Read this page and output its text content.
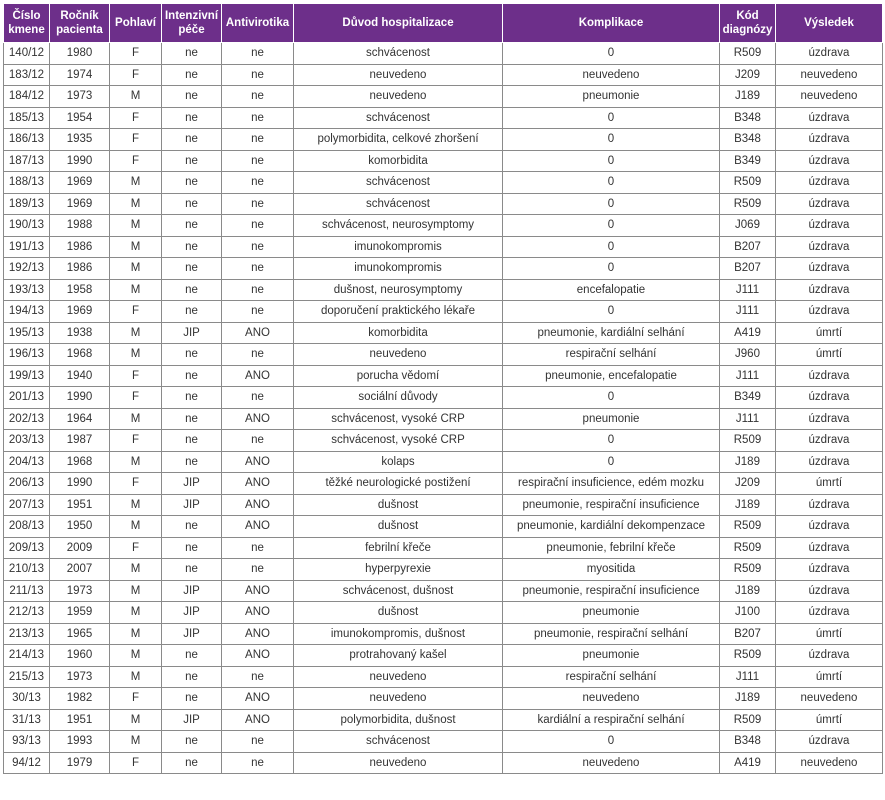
Číslo kmene	Ročník pacienta	Pohlaví	Intenzivní péče	Antivirotika	Důvod hospitalizace	Komplikace	Kód diagnózy	Výsledek
140/12	1980	F	ne	ne	schvácenost	0	R509	úzdrava
183/12	1974	F	ne	ne	neuvedeno	neuvedeno	J209	neuvedeno
184/12	1973	M	ne	ne	neuvedeno	pneumonie	J189	neuvedeno
185/13	1954	F	ne	ne	schvácenost	0	B348	úzdrava
186/13	1935	F	ne	ne	polymorbidita, celkové zhoršení	0	B348	úzdrava
187/13	1990	F	ne	ne	komorbidita	0	B349	úzdrava
188/13	1969	M	ne	ne	schvácenost	0	R509	úzdrava
189/13	1969	M	ne	ne	schvácenost	0	R509	úzdrava
190/13	1988	M	ne	ne	schvácenost, neurosymptomy	0	J069	úzdrava
191/13	1986	M	ne	ne	imunokompromis	0	B207	úzdrava
192/13	1986	M	ne	ne	imunokompromis	0	B207	úzdrava
193/13	1958	M	ne	ne	dušnost, neurosymptomy	encefalopatie	J111	úzdrava
194/13	1969	F	ne	ne	doporučení praktického lékaře	0	J111	úzdrava
195/13	1938	M	JIP	ANO	komorbidita	pneumonie, kardiální selhání	A419	úmrtí
196/13	1968	M	ne	ne	neuvedeno	respirační selhání	J960	úmrtí
199/13	1940	F	ne	ANO	porucha vědomí	pneumonie, encefalopatie	J111	úzdrava
201/13	1990	F	ne	ne	sociální důvody	0	B349	úzdrava
202/13	1964	M	ne	ANO	schvácenost, vysoké CRP	pneumonie	J111	úzdrava
203/13	1987	F	ne	ne	schvácenost, vysoké CRP	0	R509	úzdrava
204/13	1968	M	ne	ANO	kolaps	0	J189	úzdrava
206/13	1990	F	JIP	ANO	těžké neurologické postižení	respirační insuficience, edém mozku	J209	úmrtí
207/13	1951	M	JIP	ANO	dušnost	pneumonie, respirační insuficience	J189	úzdrava
208/13	1950	M	ne	ANO	dušnost	pneumonie, kardiální dekompenzace	R509	úzdrava
209/13	2009	F	ne	ne	febrilní křeče	pneumonie, febrilní křeče	R509	úzdrava
210/13	2007	M	ne	ne	hyperpyrexie	myositida	R509	úzdrava
211/13	1973	M	JIP	ANO	schvácenost, dušnost	pneumonie, respirační insuficience	J189	úzdrava
212/13	1959	M	JIP	ANO	dušnost	pneumonie	J100	úzdrava
213/13	1965	M	JIP	ANO	imunokompromis, dušnost	pneumonie, respirační selhání	B207	úmrtí
214/13	1960	M	ne	ANO	protrahovaný kašel	pneumonie	R509	úzdrava
215/13	1973	M	ne	ne	neuvedeno	respirační selhání	J111	úmrtí
30/13	1982	F	ne	ANO	neuvedeno	neuvedeno	J189	neuvedeno
31/13	1951	M	JIP	ANO	polymorbidita, dušnost	kardiální a respirační selhání	R509	úmrtí
93/13	1993	M	ne	ne	schvácenost	0	B348	úzdrava
94/12	1979	F	ne	ne	neuvedeno	neuvedeno	A419	neuvedeno
